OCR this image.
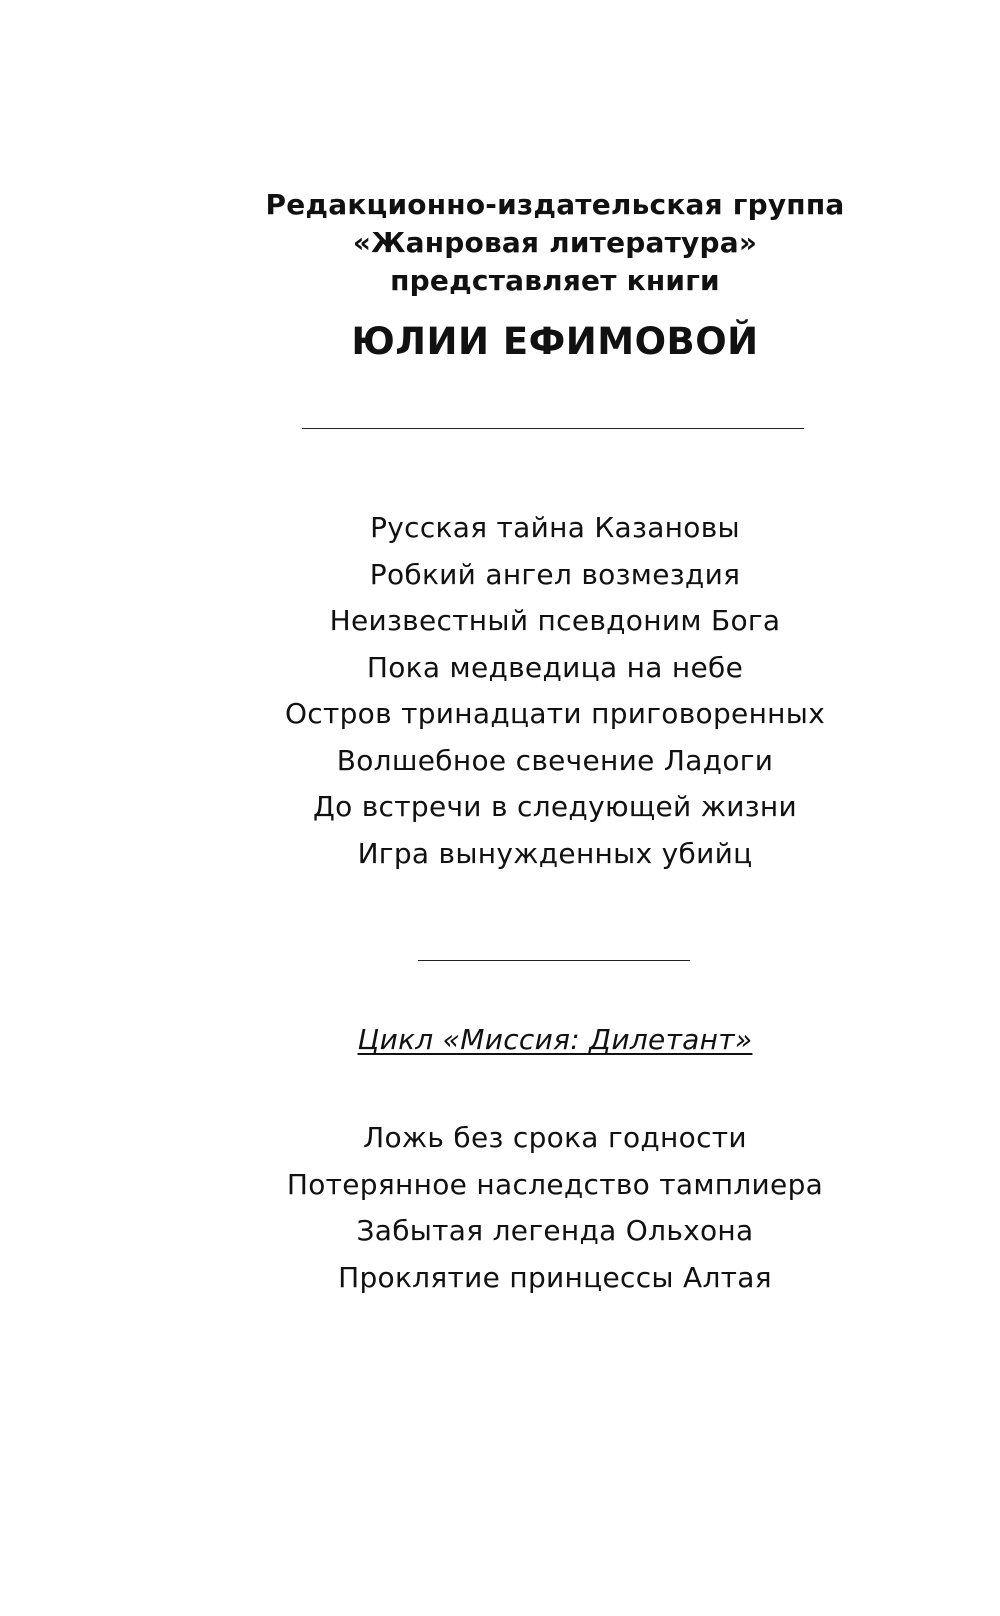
Редакционно-издательская группа

«Жанровая литература»

представляет книги

ЮЛИИ ЕФИМОВОЙ
Русская тайна Казановы
Робкий ангел возмездия
Неизвестный псевдоним Бога
Пока медведица на небе
Остров тринадцати приговоренных
Волшебное свечение Ладоги
До встречи в следующей жизни
Игра вынужденных убийц
Цикл «Миссия: Дилетант»
Ложь без срока годности
Потерянное наследство тамплиера
Забытая легенда Ольхона
Проклятие принцессы Алтая
